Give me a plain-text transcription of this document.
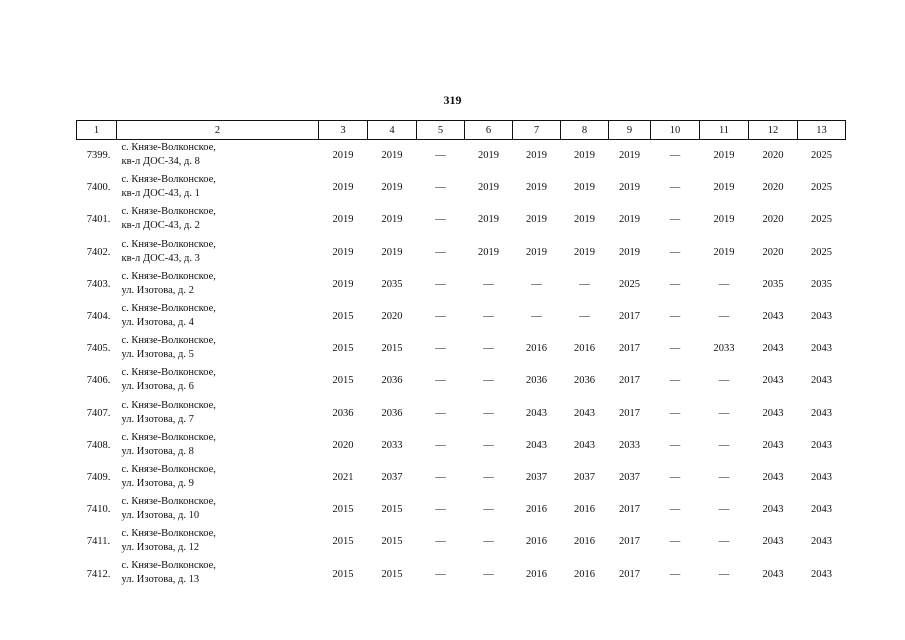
319
1	2	3	4	5	6	7	8	9	10	11	12	13
7399.	с. Князе-Волконское,
кв-л ДОС-34, д. 8	2019	2019	—	2019	2019	2019	2019	—	2019	2020	2025
7400.	с. Князе-Волконское,
кв-л ДОС-43, д. 1	2019	2019	—	2019	2019	2019	2019	—	2019	2020	2025
7401.	с. Князе-Волконское,
кв-л ДОС-43, д. 2	2019	2019	—	2019	2019	2019	2019	—	2019	2020	2025
7402.	с. Князе-Волконское,
кв-л ДОС-43, д. 3	2019	2019	—	2019	2019	2019	2019	—	2019	2020	2025
7403.	с. Князе-Волконское,
ул. Изотова, д. 2	2019	2035	—	—	—	—	2025	—	—	2035	2035
7404.	с. Князе-Волконское,
ул. Изотова, д. 4	2015	2020	—	—	—	—	2017	—	—	2043	2043
7405.	с. Князе-Волконское,
ул. Изотова, д. 5	2015	2015	—	—	2016	2016	2017	—	2033	2043	2043
7406.	с. Князе-Волконское,
ул. Изотова, д. 6	2015	2036	—	—	2036	2036	2017	—	—	2043	2043
7407.	с. Князе-Волконское,
ул. Изотова, д. 7	2036	2036	—	—	2043	2043	2017	—	—	2043	2043
7408.	с. Князе-Волконское,
ул. Изотова, д. 8	2020	2033	—	—	2043	2043	2033	—	—	2043	2043
7409.	с. Князе-Волконское,
ул. Изотова, д. 9	2021	2037	—	—	2037	2037	2037	—	—	2043	2043
7410.	с. Князе-Волконское,
ул. Изотова, д. 10	2015	2015	—	—	2016	2016	2017	—	—	2043	2043
7411.	с. Князе-Волконское,
ул. Изотова, д. 12	2015	2015	—	—	2016	2016	2017	—	—	2043	2043
7412.	с. Князе-Волконское,
ул. Изотова, д. 13	2015	2015	—	—	2016	2016	2017	—	—	2043	2043
